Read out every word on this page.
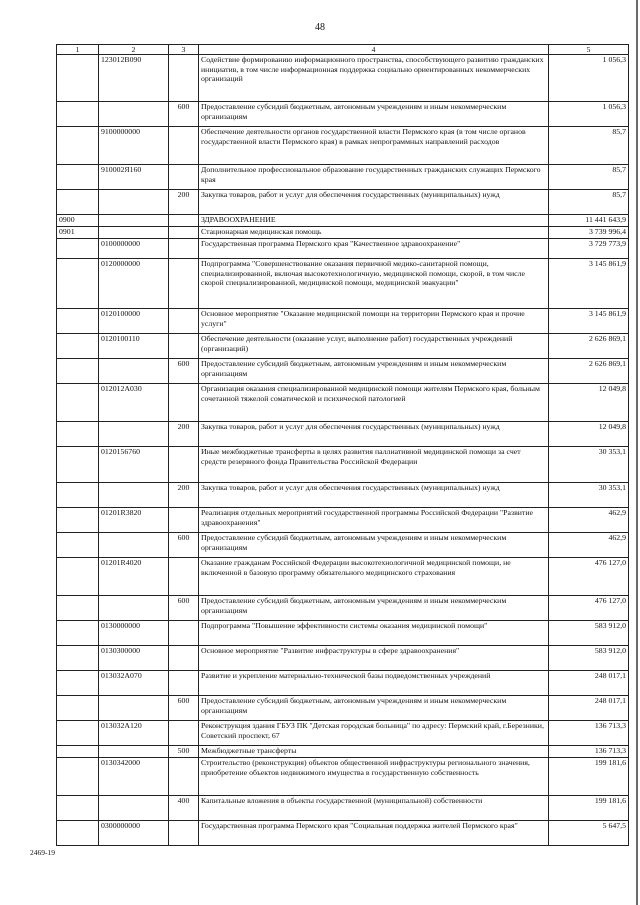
48
1	2	3	4	5
	123012В090		Содействие формированию информационного пространства, способствующего развитию гражданских инициатив, в том числе информационная поддержка социально ориентированных некоммерческих организаций	1 056,3
		600	Предоставление субсидий бюджетным, автономным учреждениям и иным некоммерческим организациям	1 056,3
	9100000000		Обеспечение деятельности органов государственной власти Пермского края (в том числе органов государственной власти Пермского края) в рамках непрограммных направлений расходов	85,7
	910002Я160		Дополнительное профессиональное образование государственных гражданских служащих Пермского края	85,7
		200	Закупка товаров, работ и услуг для обеспечения государственных (муниципальных) нужд	85,7
0900			ЗДРАВООХРАНЕНИЕ	11 441 643,9
0901			Стационарная медицинская помощь	3 739 996,4
	0100000000		Государственная программа Пермского края "Качественное здравоохранение"	3 729 773,9
	0120000000		Подпрограмма "Совершенствование оказания первичной медико-санитарной помощи, специализированной, включая высокотехнологичную, медицинской помощи, скорой, в том числе скорой специализированной, медицинской помощи, медицинской эвакуации"	3 145 861,9
	0120100000		Основное мероприятие "Оказание медицинской помощи на территории Пермского края и прочие услуги"	3 145 861,9
	0120100110		Обеспечение деятельности (оказание услуг, выполнение работ) государственных учреждений (организаций)	2 626 869,1
		600	Предоставление субсидий бюджетным, автономным учреждениям и иным некоммерческим организациям	2 626 869,1
	012012А030		Организация оказания специализированной медицинской помощи жителям Пермского края, больным сочетанной тяжелой соматической и психической патологией	12 049,8
		200	Закупка товаров, работ и услуг для обеспечения государственных (муниципальных) нужд	12 049,8
	0120156760		Иные межбюджетные трансферты в целях развития паллиативной медицинской помощи за счет средств резервного фонда Правительства Российской Федерации	30 353,1
		200	Закупка товаров, работ и услуг для обеспечения государственных (муниципальных) нужд	30 353,1
	01201R3820		Реализация отдельных мероприятий государственной программы Российской Федерации "Развитие здравоохранения"	462,9
		600	Предоставление субсидий бюджетным, автономным учреждениям и иным некоммерческим организациям	462,9
	01201R4020		Оказание гражданам Российской Федерации высокотехнологичной медицинской помощи, не включенной в базовую программу обязательного медицинского страхования	476 127,0
		600	Предоставление субсидий бюджетным, автономным учреждениям и иным некоммерческим организациям	476 127,0
	0130000000		Подпрограмма "Повышение эффективности системы оказания медицинской помощи"	583 912,0
	0130300000		Основное мероприятие "Развитие инфраструктуры в сфере здравоохранения"	583 912,0
	013032А070		Развитие и укрепление материально-технической базы подведомственных учреждений	248 017,1
		600	Предоставление субсидий бюджетным, автономным учреждениям и иным некоммерческим организациям	248 017,1
	013032А120		Реконструкция здания ГБУЗ ПК "Детская городская больница" по адресу: Пермский край, г.Березники, Советский проспект, 67	136 713,3
		500	Межбюджетные трансферты	136 713,3
	0130342000		Строительство (реконструкция) объектов общественной инфраструктуры регионального значения, приобретение объектов недвижимого имущества в государственную собственность	199 181,6
		400	Капитальные вложения в объекты государственной (муниципальной) собственности	199 181,6
	0300000000		Государственная программа Пермского края "Социальная поддержка жителей Пермского края"	5 647,5
2469-19
